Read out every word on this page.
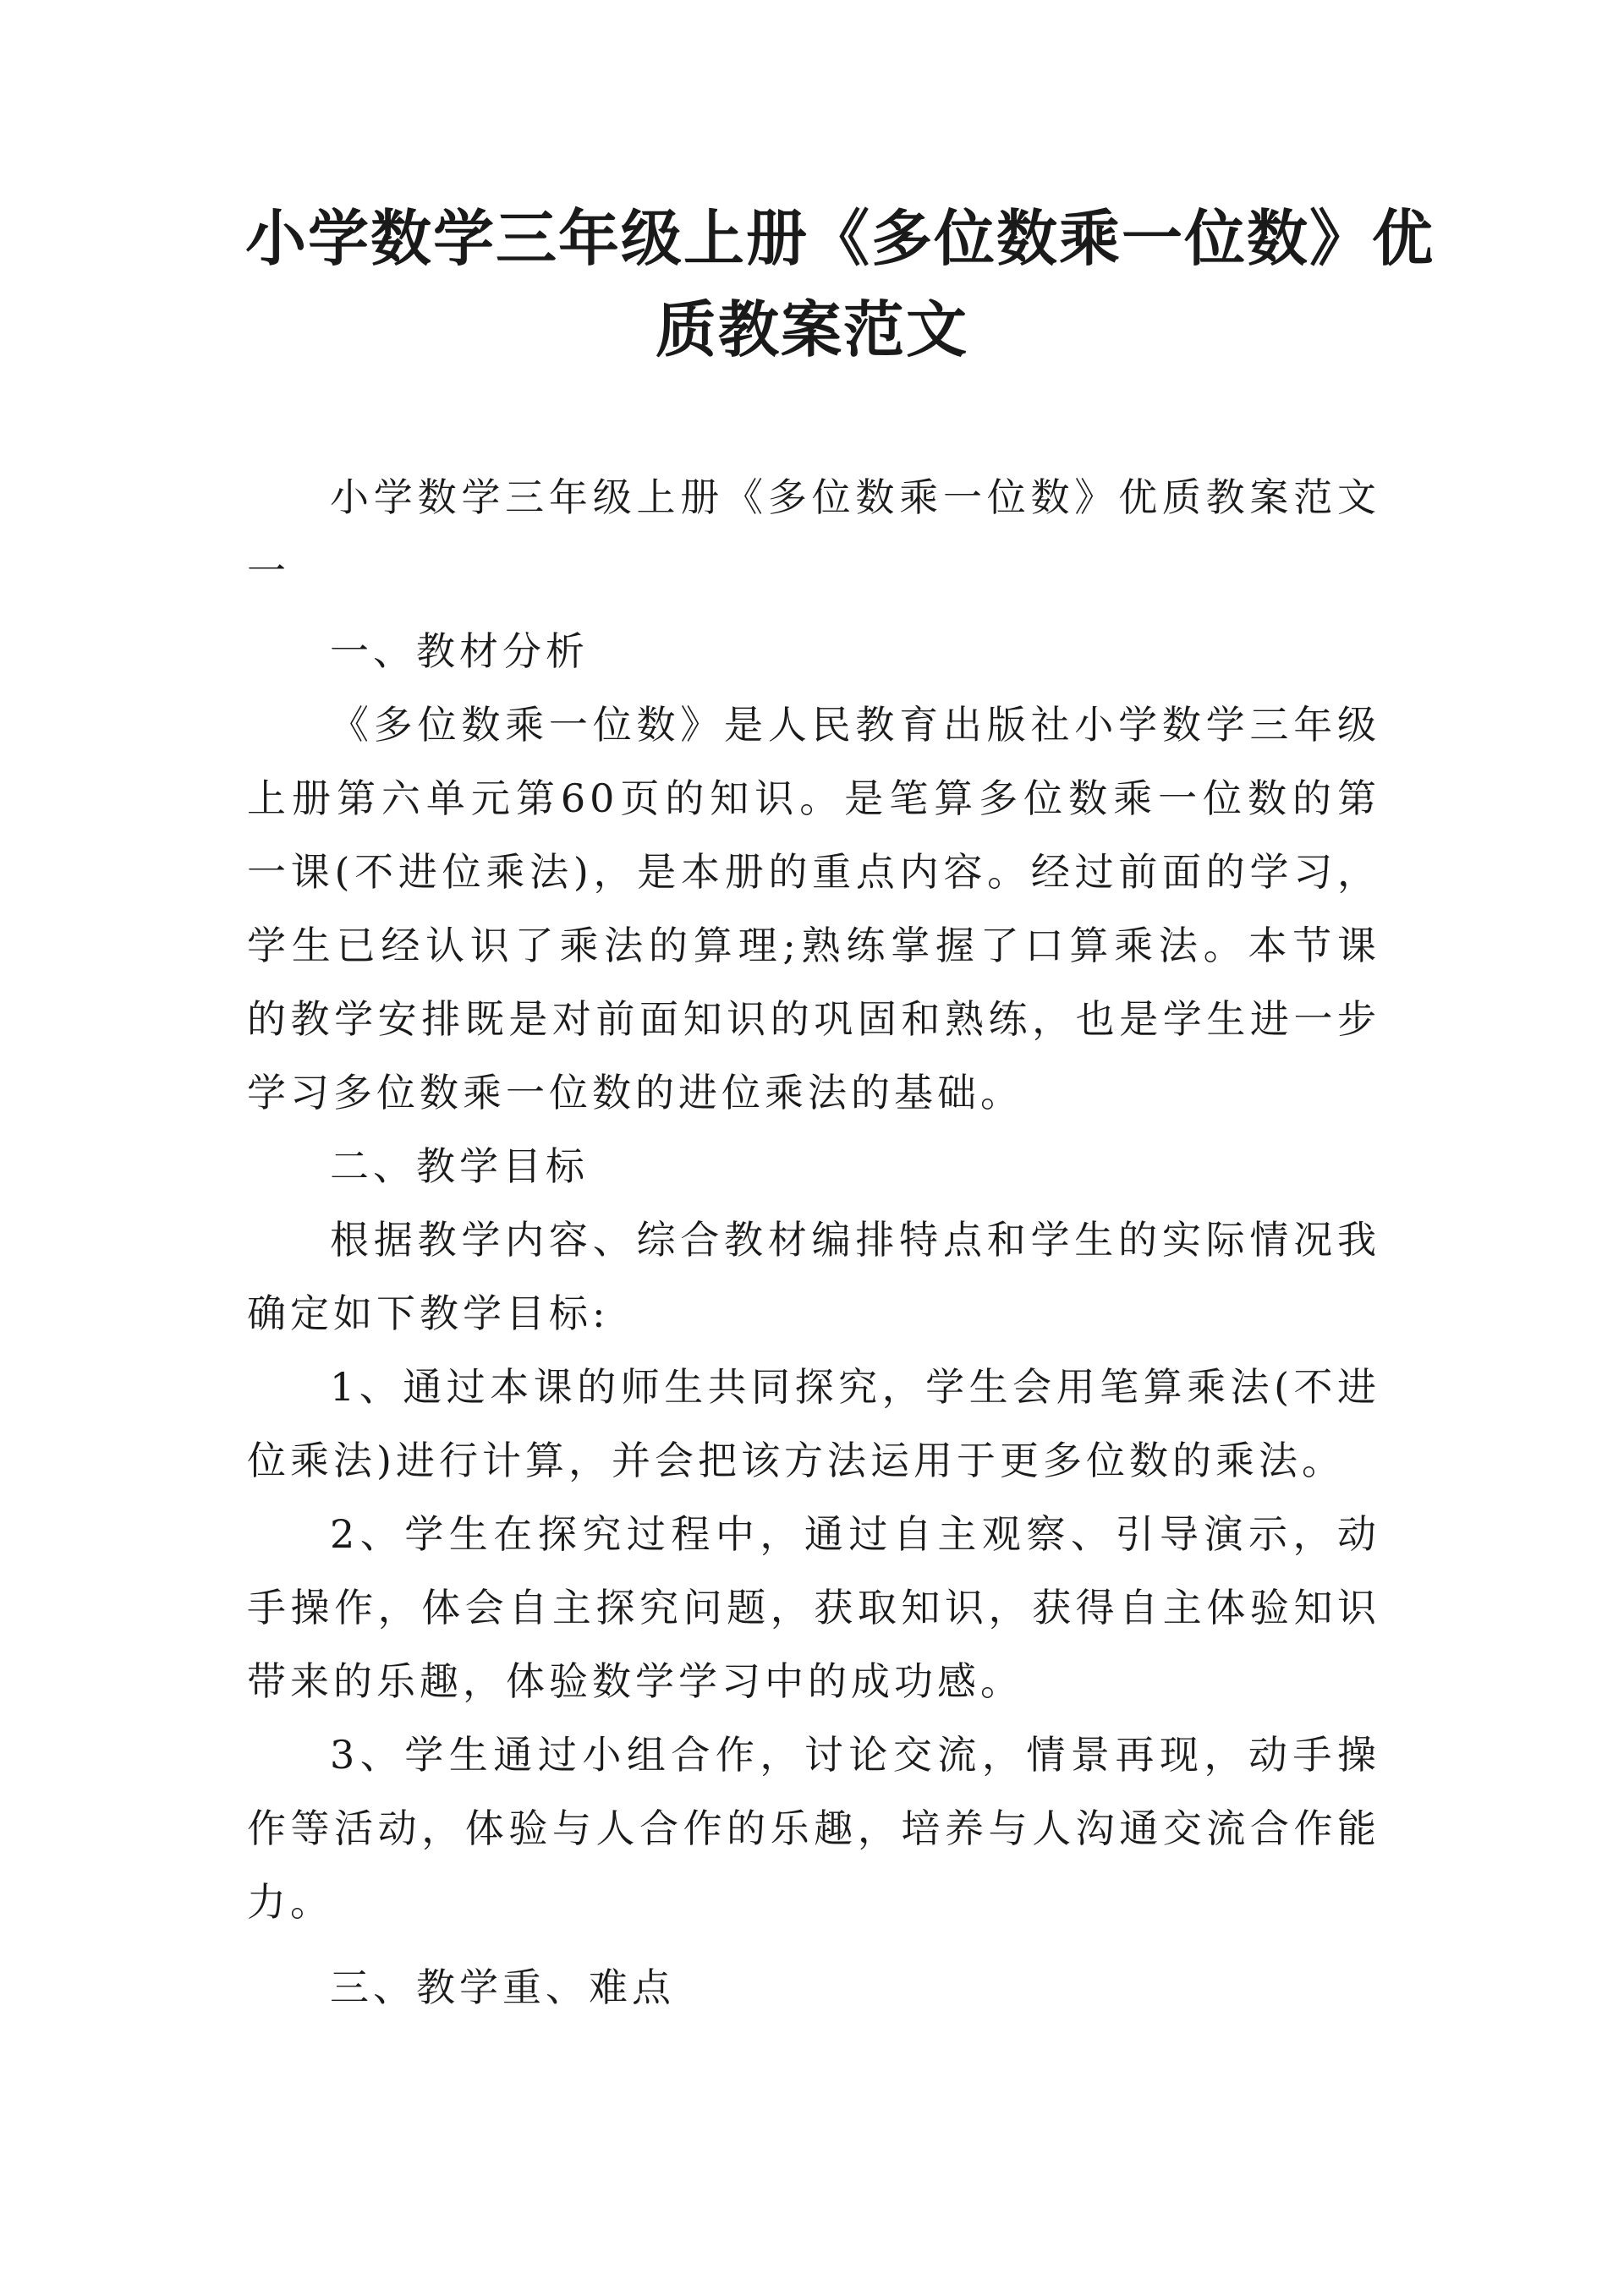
小学数学三年级上册《多位数乘一位数》优
质教案范文

小学数学三年级上册《多位数乘一位数》优质教案范文一

一、教材分析

《多位数乘一位数》是人民教育出版社小学数学三年级上册第六单元第60页的知识。是笔算多位数乘一位数的第一课(不进位乘法)，是本册的重点内容。经过前面的学习，学生已经认识了乘法的算理;熟练掌握了口算乘法。本节课的教学安排既是对前面知识的巩固和熟练，也是学生进一步学习多位数乘一位数的进位乘法的基础。

二、教学目标

根据教学内容、综合教材编排特点和学生的实际情况我确定如下教学目标:

1、通过本课的师生共同探究，学生会用笔算乘法(不进位乘法)进行计算，并会把该方法运用于更多位数的乘法。

2、学生在探究过程中，通过自主观察、引导演示，动手操作，体会自主探究问题，获取知识，获得自主体验知识带来的乐趣，体验数学学习中的成功感。

3、学生通过小组合作，讨论交流，情景再现，动手操作等活动，体验与人合作的乐趣，培养与人沟通交流合作能力。

三、教学重、难点
